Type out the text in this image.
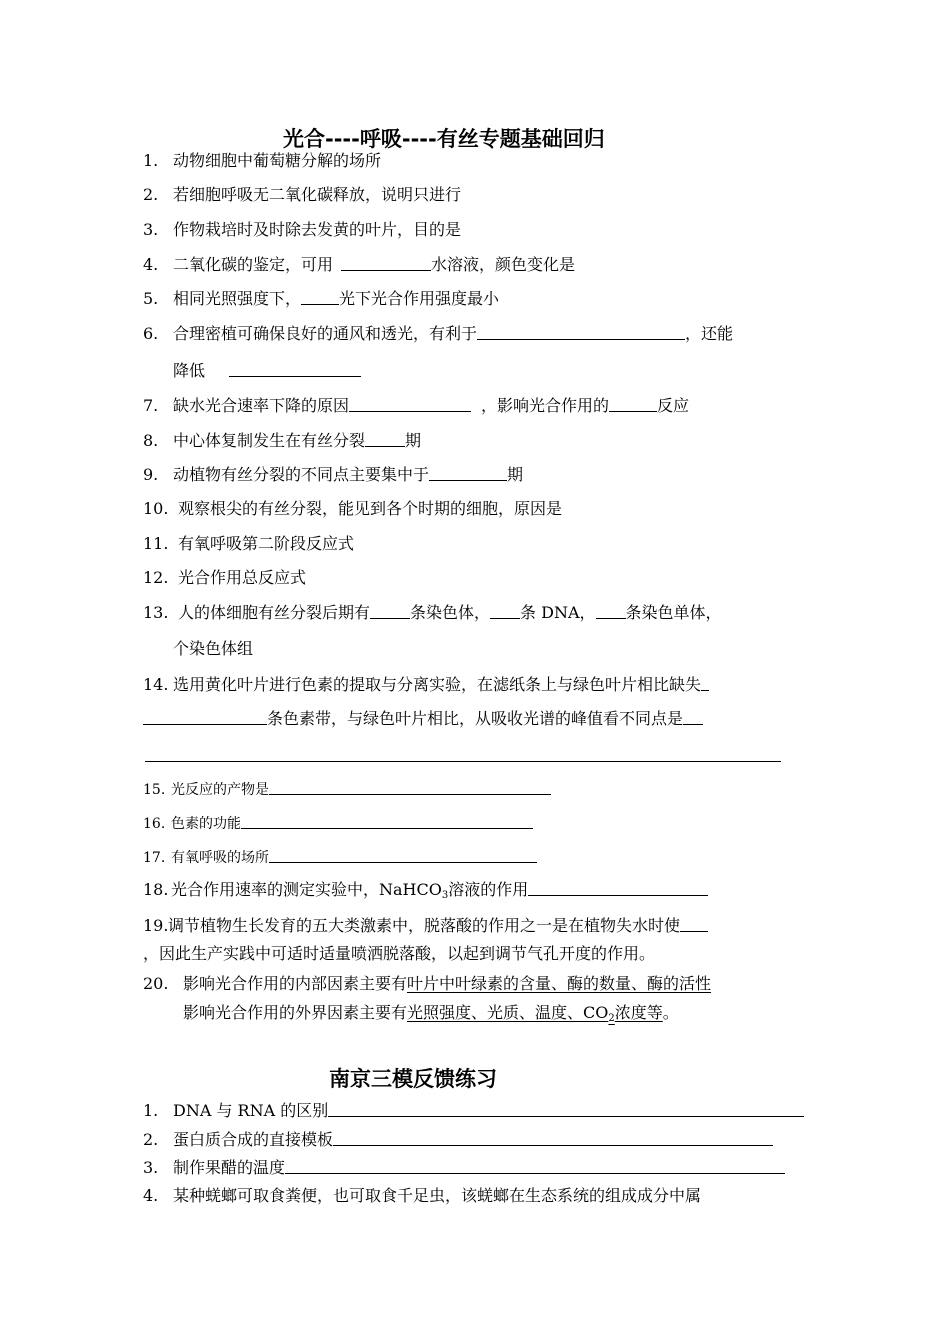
光合----呼吸----有丝专题基础回归
1. 动物细胞中葡萄糖分解的场所
2. 若细胞呼吸无二氧化碳释放，说明只进行
3. 作物栽培时及时除去发黄的叶片，目的是
4. 二氧化碳的鉴定，可用	水溶液，颜色变化是
5. 相同光照强度下， 光下光合作用强度最小
6. 合理密植可确保良好的通风和透光，有利于	，还能
降低
7. 缺水光合速率下降的原因	，影响光合作用的	反应
8. 中心体复制发生在有丝分裂	期
9. 动植物有丝分裂的不同点主要集中于	期
10. 观察根尖的有丝分裂，能见到各个时期的细胞，原因是
11. 有氧呼吸第二阶段反应式
12. 光合作用总反应式
13. 人的体细胞有丝分裂后期有	条染色体， 条 DNA， 条染色单体，
个染色体组
14. 选用黄化叶片进行色素的提取与分离实验，在滤纸条上与绿色叶片相比缺失
条色素带，与绿色叶片相比，从吸收光谱的峰值看不同点是
15. 光反应的产物是
16. 色素的功能
17. 有氧呼吸的场所
18. 光合作用速率的测定实验中，NaHCO$_3$溶液的作用
19.调节植物生长发育的五大类激素中，脱落酸的作用之一是在植物失水时使
，因此生产实践中可适时适量喷洒脱落酸，以起到调节气孔开度的作用。
20. 影响光合作用的内部因素主要有叶片中叶绿素的含量、酶的数量、酶的活性
影响光合作用的外界因素主要有光照强度、光质、温度、$CO_2$浓度等。
南京三模反馈练习
1. DNA 与 RNA 的区别
2. 蛋白质合成的直接模板
3. 制作果醋的温度
4. 某种蜣螂可取食粪便，也可取食千足虫，该蜣螂在生态系统的组成成分中属
